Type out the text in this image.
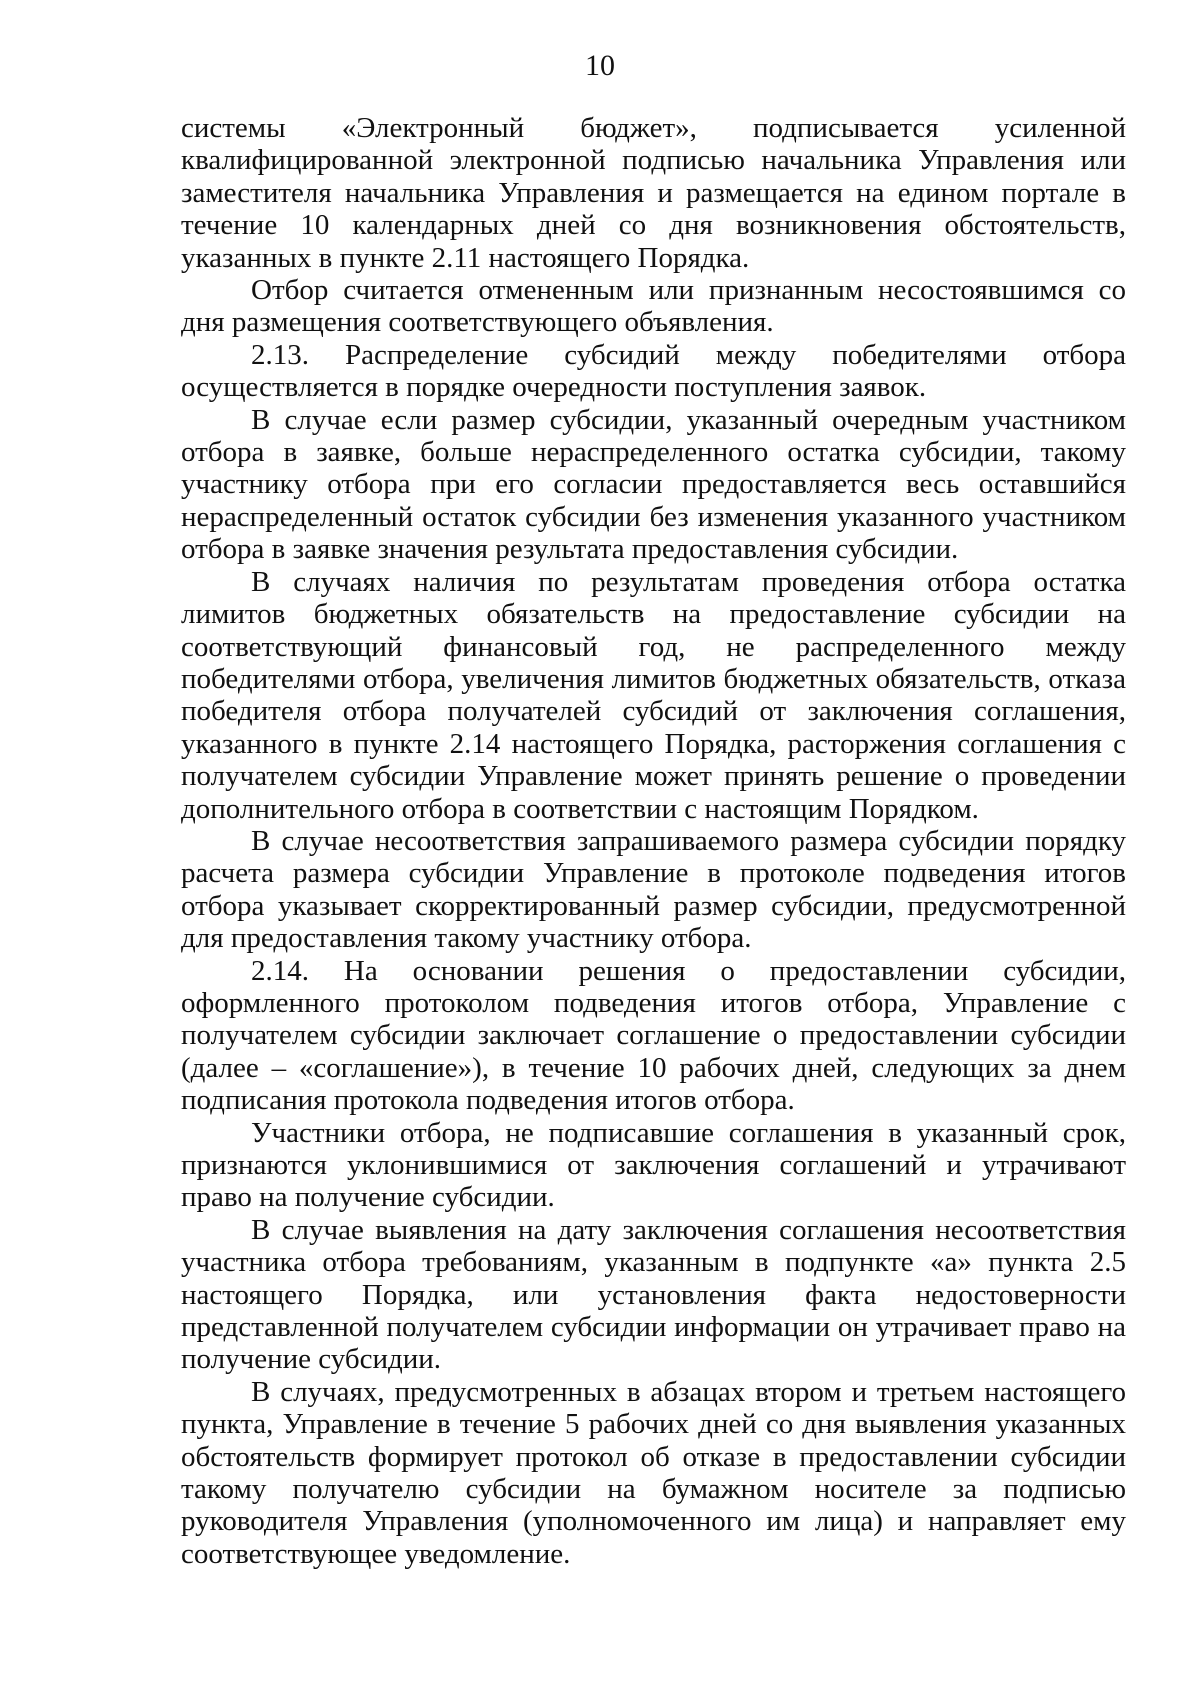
10

системы «Электронный бюджет», подписывается усиленной квалифицированной электронной подписью начальника Управления или заместителя начальника Управления и размещается на едином портале в течение 10 календарных дней со дня возникновения обстоятельств, указанных в пункте 2.11 настоящего Порядка.

Отбор считается отмененным или признанным несостоявшимся со дня размещения соответствующего объявления.

2.13. Распределение субсидий между победителями отбора осуществляется в порядке очередности поступления заявок.

В случае если размер субсидии, указанный очередным участником отбора в заявке, больше нераспределенного остатка субсидии, такому участнику отбора при его согласии предоставляется весь оставшийся нераспределенный остаток субсидии без изменения указанного участником отбора в заявке значения результата предоставления субсидии.

В случаях наличия по результатам проведения отбора остатка лимитов бюджетных обязательств на предоставление субсидии на соответствующий финансовый год, не распределенного между победителями отбора, увеличения лимитов бюджетных обязательств, отказа победителя отбора получателей субсидий от заключения соглашения, указанного в пункте 2.14 настоящего Порядка, расторжения соглашения с получателем субсидии Управление может принять решение о проведении дополнительного отбора в соответствии с настоящим Порядком.

В случае несоответствия запрашиваемого размера субсидии порядку расчета размера субсидии Управление в протоколе подведения итогов отбора указывает скорректированный размер субсидии, предусмотренной для предоставления такому участнику отбора.

2.14. На основании решения о предоставлении субсидии, оформленного протоколом подведения итогов отбора, Управление с получателем субсидии заключает соглашение о предоставлении субсидии (далее – «соглашение»), в течение 10 рабочих дней, следующих за днем подписания протокола подведения итогов отбора.

Участники отбора, не подписавшие соглашения в указанный срок, признаются уклонившимися от заключения соглашений и утрачивают право на получение субсидии.

В случае выявления на дату заключения соглашения несоответствия участника отбора требованиям, указанным в подпункте «а» пункта 2.5 настоящего Порядка, или установления факта недостоверности представленной получателем субсидии информации он утрачивает право на получение субсидии.

В случаях, предусмотренных в абзацах втором и третьем настоящего пункта, Управление в течение 5 рабочих дней со дня выявления указанных обстоятельств формирует протокол об отказе в предоставлении субсидии такому получателю субсидии на бумажном носителе за подписью руководителя Управления (уполномоченного им лица) и направляет ему соответствующее уведомление.
